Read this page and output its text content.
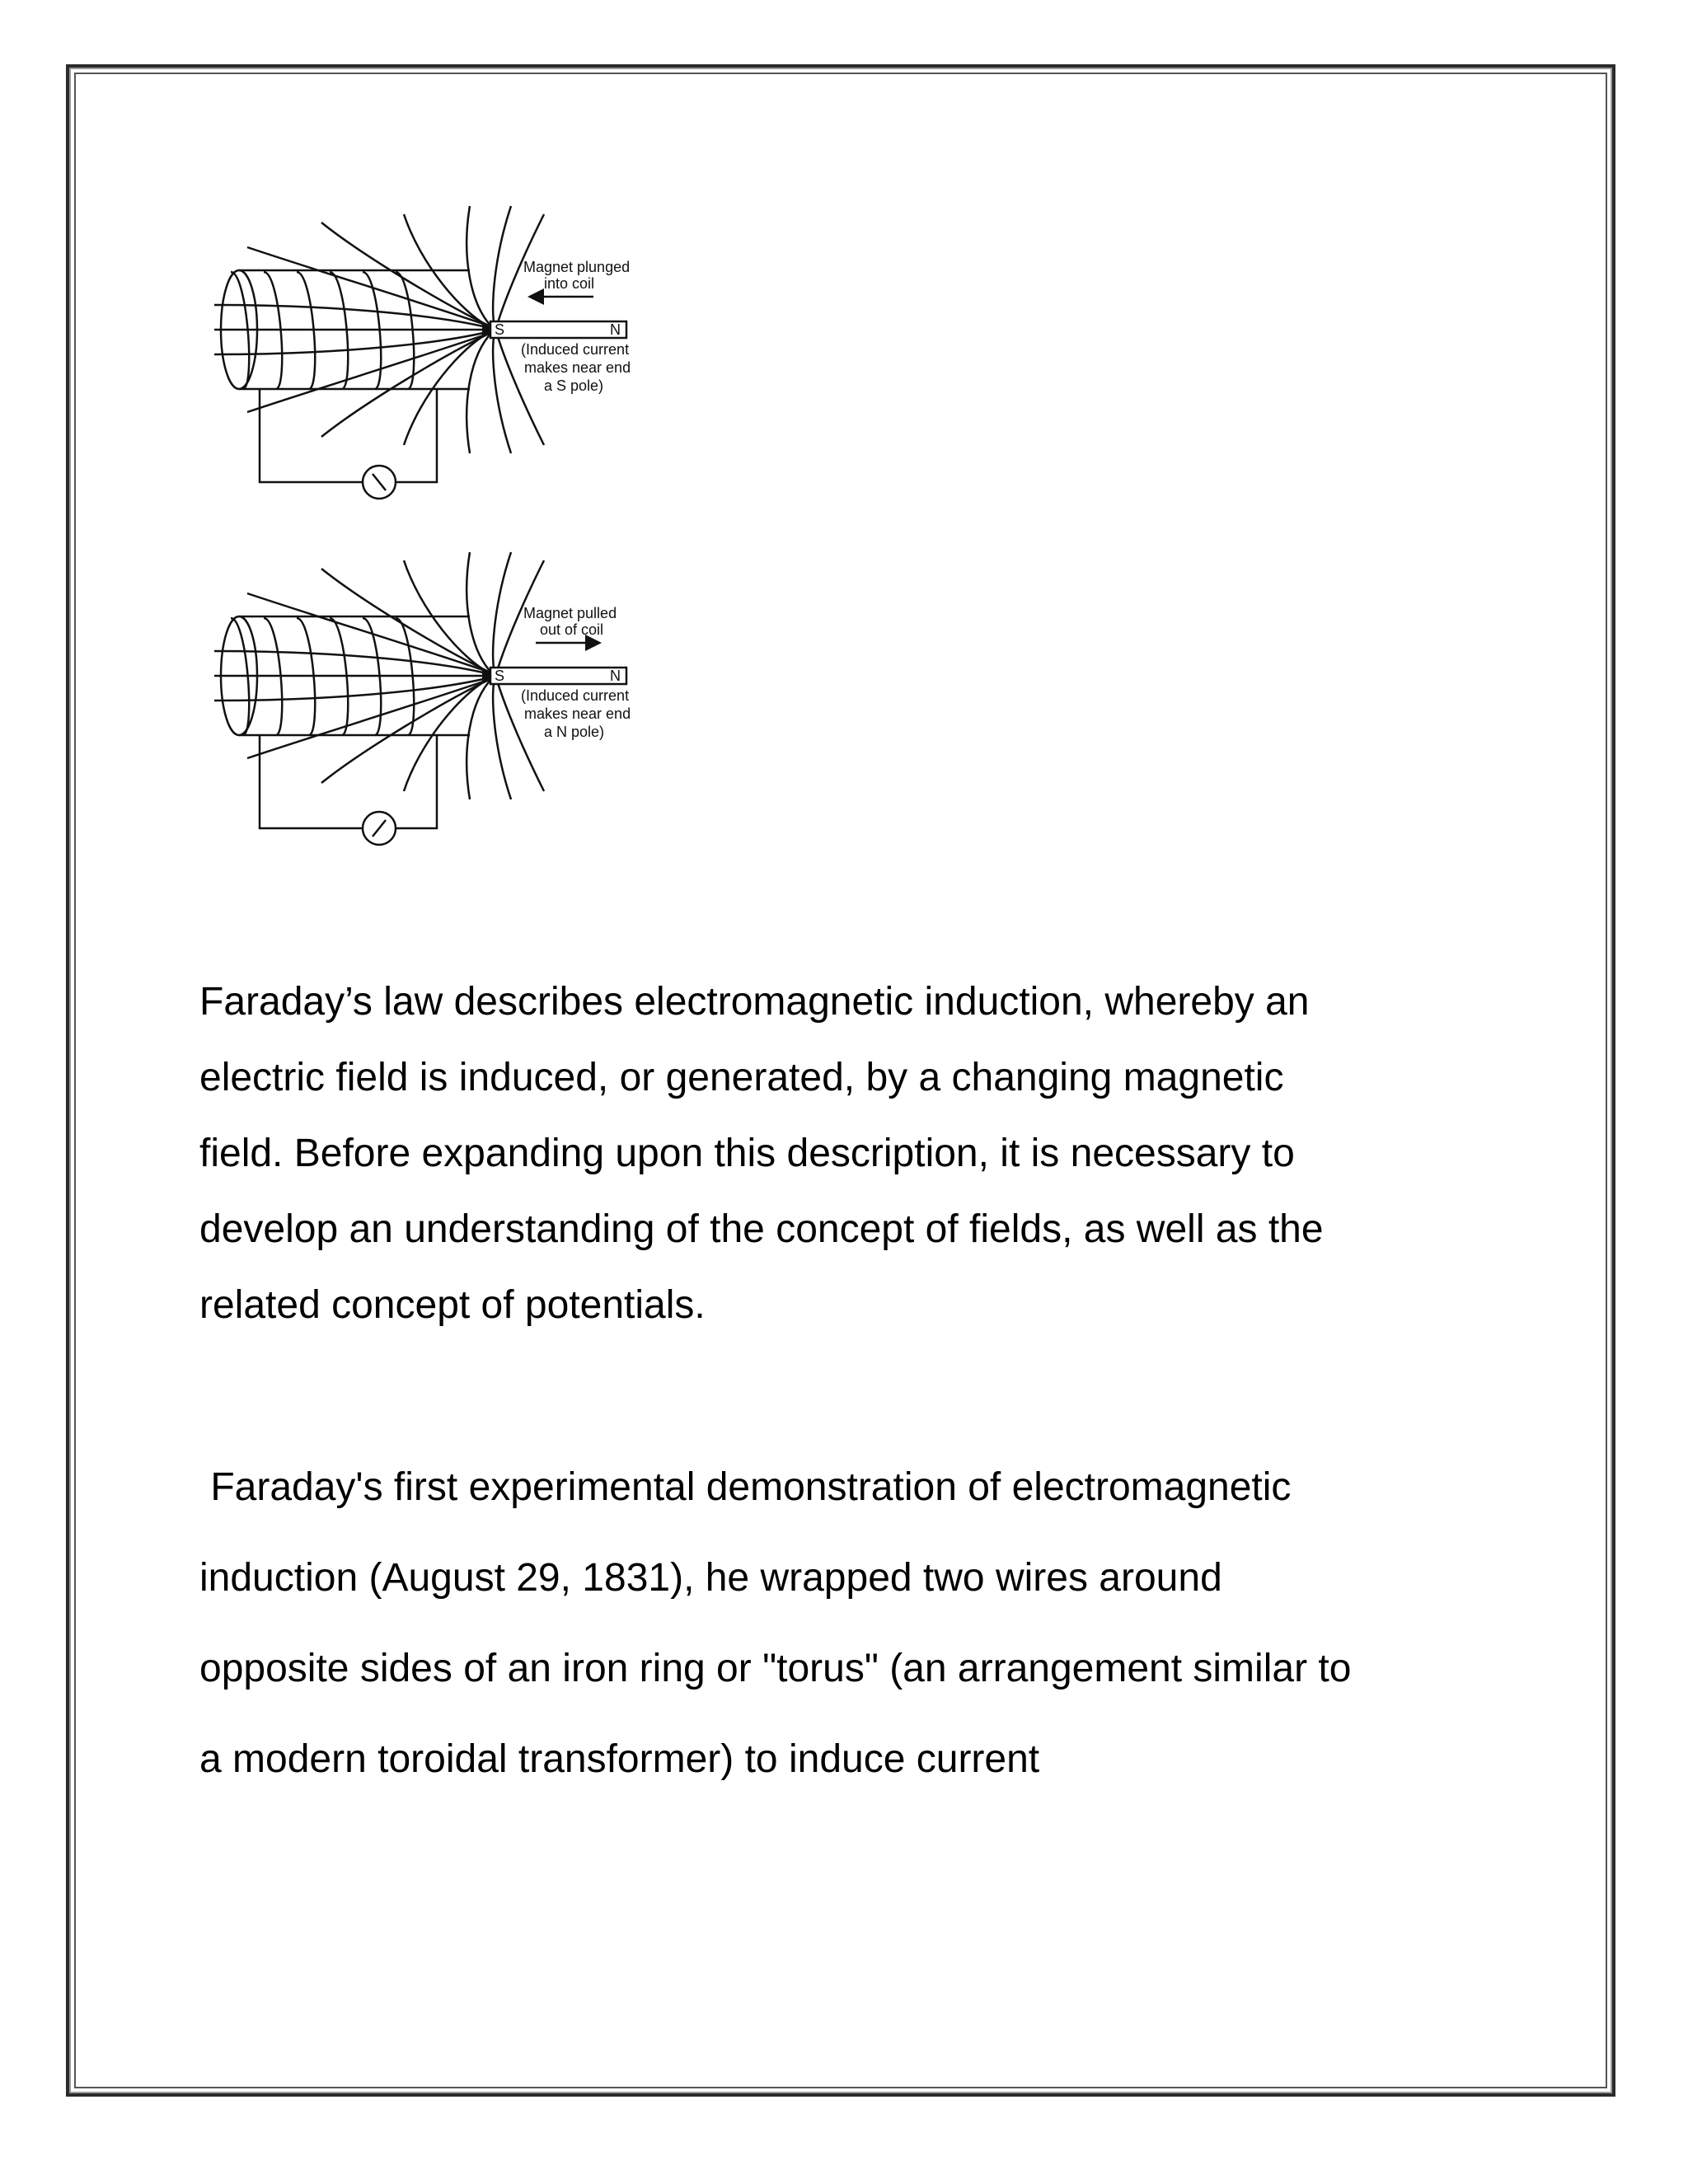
Magnet plunged
into coil
S	N
(Induced current
makes near end
a S pole)
Magnet pulled
out of coil
S	N
(Induced current
makes near end
a N pole)

Faraday’s law describes electromagnetic induction, whereby an
electric field is induced, or generated, by a changing magnetic
field. Before expanding upon this description, it is necessary to
develop an understanding of the concept of fields, as well as the
related concept of potentials.

Faraday's first experimental demonstration of electromagnetic
induction (August 29, 1831), he wrapped two wires around
opposite sides of an iron ring or "torus" (an arrangement similar to
a modern toroidal transformer) to induce current
